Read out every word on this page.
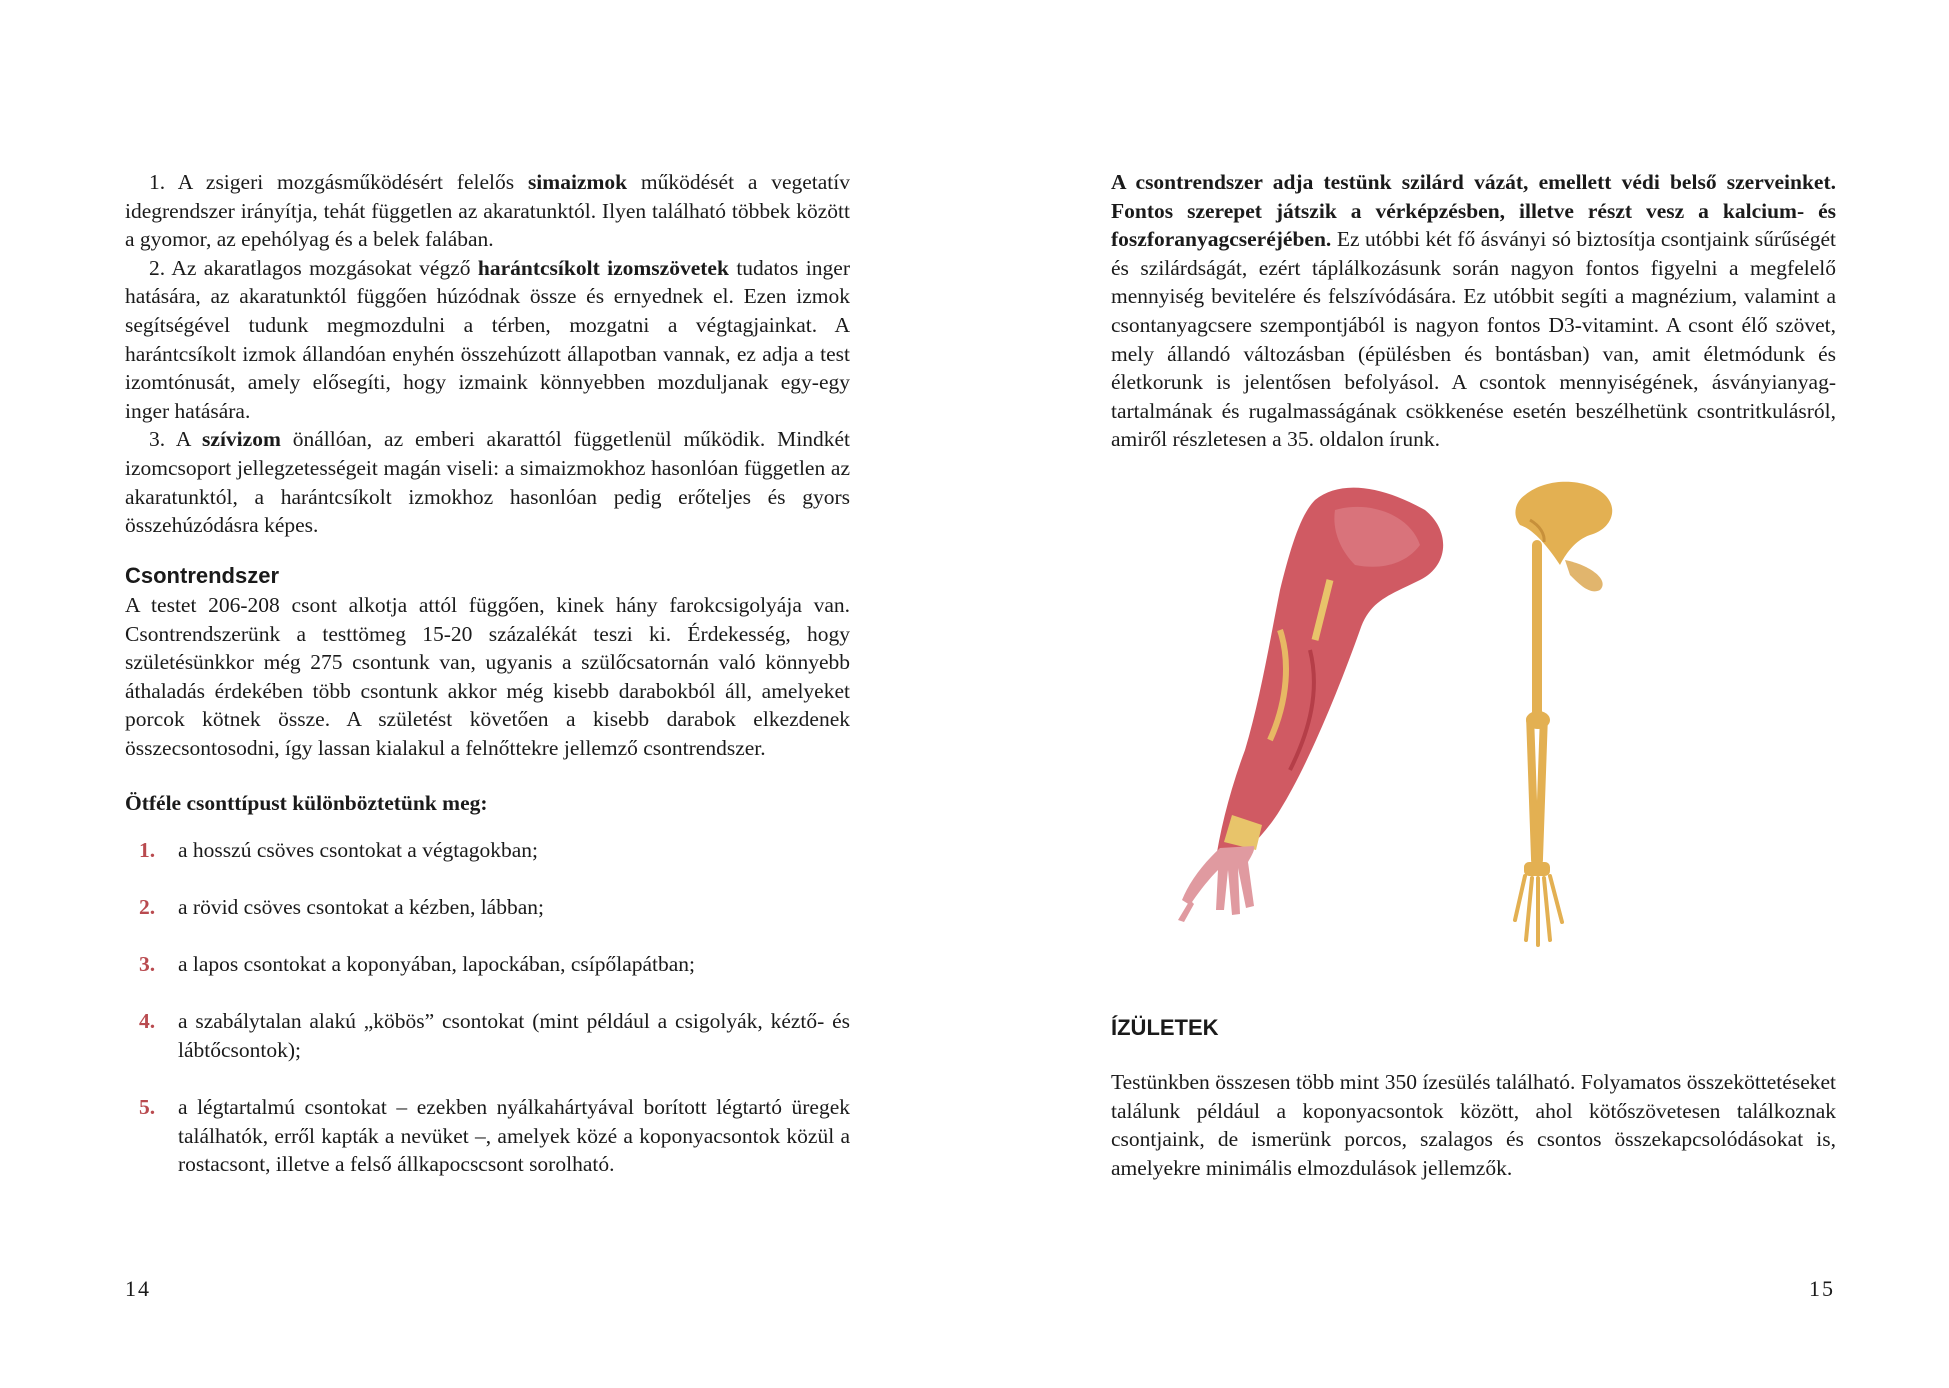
1. A zsigeri mozgásműködésért felelős simaizmok működését a vegetatív idegrendszer irányítja, tehát független az akaratunktól. Ilyen található többek között a gyomor, az epehólyag és a belek falában.

2. Az akaratlagos mozgásokat végző harántcsíkolt izomszövetek tudatos inger hatására, az akaratunktól függően húzódnak össze és ernyednek el. Ezen izmok segítségével tudunk megmozdulni a térben, mozgatni a végtagjainkat. A harántcsíkolt izmok állandóan enyhén összehúzott állapotban vannak, ez adja a test izomtónusát, amely elősegíti, hogy izmaink könnyebben mozduljanak egy-egy inger hatására.

3. A szívizom önállóan, az emberi akarattól függetlenül működik. Mindkét izomcsoport jellegzetességeit magán viseli: a simaizmokhoz hasonlóan független az akaratunktól, a harántcsíkolt izmokhoz hasonlóan pedig erőteljes és gyors összehúzódásra képes.

Csontrendszer

A testet 206-208 csont alkotja attól függően, kinek hány farokcsigolyája van. Csontrendszerünk a testtömeg 15-20 százalékát teszi ki. Érdekesség, hogy születésünkkor még 275 csontunk van, ugyanis a szülőcsatornán való könnyebb áthaladás érdekében több csontunk akkor még kisebb darabokból áll, amelyeket porcok kötnek össze. A születést követően a kisebb darabok elkezdenek összecsontosodni, így lassan kialakul a felnőttekre jellemző csontrendszer.

Ötféle csonttípust különböztetünk meg:

1. a hosszú csöves csontokat a végtagokban;
2. a rövid csöves csontokat a kézben, lábban;
3. a lapos csontokat a koponyában, lapockában, csípőlapátban;
4. a szabálytalan alakú „köbös” csontokat (mint például a csigolyák, kéztő- és lábtőcsontok);
5. a légtartalmú csontokat – ezekben nyálkahártyával borított légtartó üregek találhatók, erről kapták a nevüket –, amelyek közé a koponyacsontok közül a rostacsont, illetve a felső állkapocscsont sorolható.
14

A csontrendszer adja testünk szilárd vázát, emellett védi belső szerveinket. Fontos szerepet játszik a vérképzésben, illetve részt vesz a kalcium- és foszforanyagcseréjében. Ez utóbbi két fő ásványi só biztosítja csontjaink sűrűségét és szilárdságát, ezért táplálkozásunk során nagyon fontos figyelni a megfelelő mennyiség bevitelére és felszívódására. Ez utóbbit segíti a magnézium, valamint a csontanyagcsere szempontjából is nagyon fontos D3-vitamint. A csont élő szövet, mely állandó változásban (épülésben és bontásban) van, amit életmódunk és életkorunk is jelentősen befolyásol. A csontok mennyiségének, ásványianyag-tartalmának és rugalmasságának csökkenése esetén beszélhetünk csontritkulásról, amiről részletesen a 35. oldalon írunk.

ÍZÜLETEK

Testünkben összesen több mint 350 ízesülés található. Folyamatos összeköttetéseket találunk például a koponyacsontok között, ahol kötőszövetesen találkoznak csontjaink, de ismerünk porcos, szalagos és csontos összekapcsolódásokat is, amelyekre minimális elmozdulások jellemzők.

15
